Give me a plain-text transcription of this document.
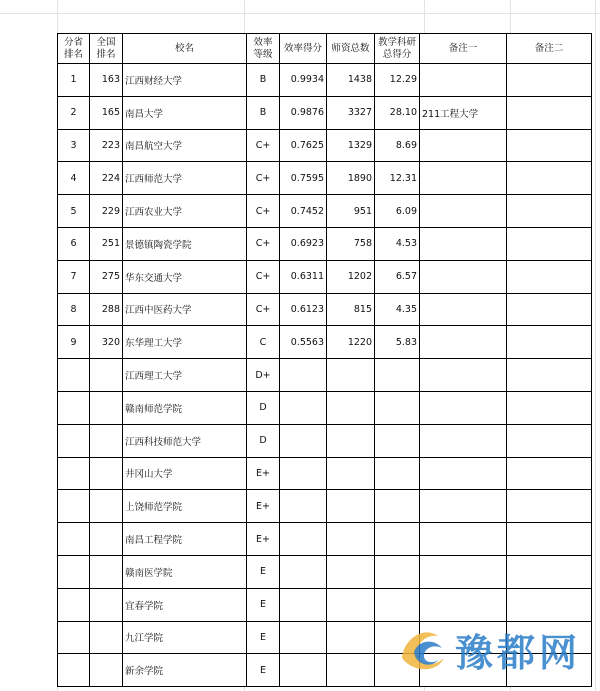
分省排名	全国排名	校名	效率等级	效率得分	师资总数	教学科研总得分	备注一	备注二
1	163	江西财经大学	B	0.9934	1438	12.29		
2	165	南昌大学	B	0.9876	3327	28.10	211工程大学	
3	223	南昌航空大学	C+	0.7625	1329	8.69		
4	224	江西师范大学	C+	0.7595	1890	12.31		
5	229	江西农业大学	C+	0.7452	951	6.09		
6	251	景德镇陶瓷学院	C+	0.6923	758	4.53		
7	275	华东交通大学	C+	0.6311	1202	6.57		
8	288	江西中医药大学	C+	0.6123	815	4.35		
9	320	东华理工大学	C	0.5563	1220	5.83		
		江西理工大学	D+					
		赣南师范学院	D					
		江西科技师范大学	D					
		井冈山大学	E+					
		上饶师范学院	E+					
		南昌工程学院	E+					
		赣南医学院	E					
		宜春学院	E					
		九江学院	E					
		新余学院	E						豫都网
